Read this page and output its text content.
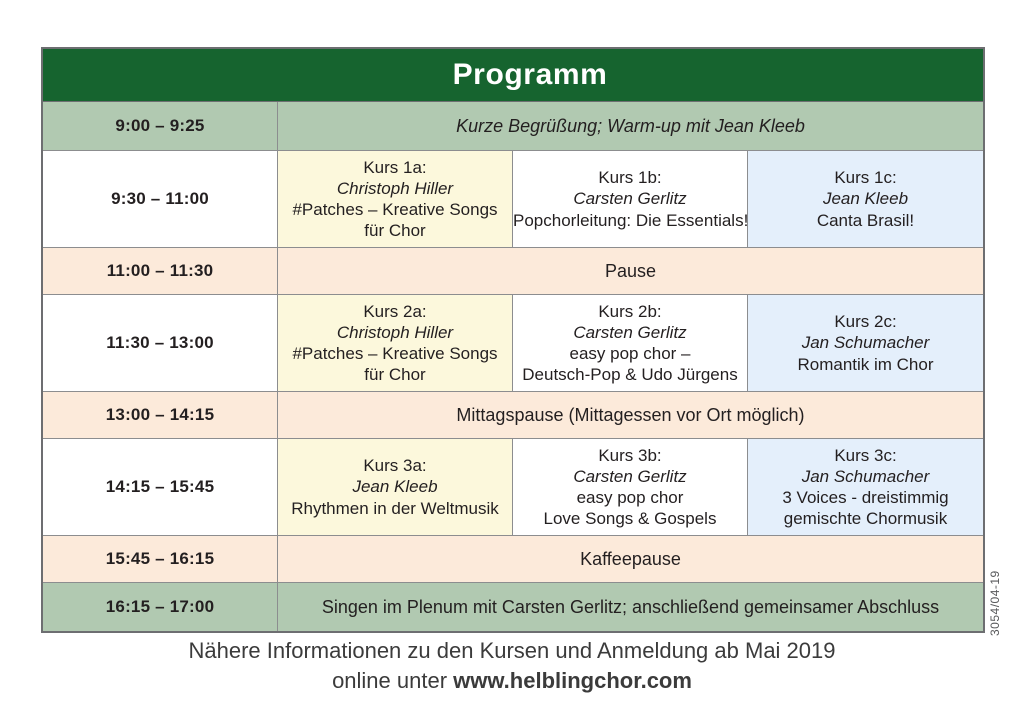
Programm			

9:00 – 9:25	Kurze Begrüßung; Warm-up mit Jean Kleeb		
9:30 – 11:00	Kurs 1a:
Christoph Hiller
#Patches – Kreative Songs
für Chor	Kurs 1b:
Carsten Gerlitz
Popchorleitung: Die Essentials!	Kurs 1c:
Jean Kleeb
Canta Brasil!

11:00 – 11:30	Pause		
11:30 – 13:00	Kurs 2a:
Christoph Hiller
#Patches – Kreative Songs
für Chor	Kurs 2b:
Carsten Gerlitz
easy pop chor –
Deutsch-Pop & Udo Jürgens	Kurs 2c:
Jan Schumacher
Romantik im Chor

13:00 – 14:15	Mittagspause (Mittagessen vor Ort möglich)		
14:15 – 15:45	Kurs 3a:
Jean Kleeb
Rhythmen in der Weltmusik	Kurs 3b:
Carsten Gerlitz
easy pop chor
Love Songs & Gospels	Kurs 3c:
Jan Schumacher
3 Voices - dreistimmig
gemischte Chormusik

15:45 – 16:15	Kaffeepause		
16:15 – 17:00	Singen im Plenum mit Carsten Gerlitz; anschließend gemeinsamer Abschluss		
Nähere Informationen zu den Kursen und Anmeldung ab Mai 2019
online unter www.helblingchor.com
3054/04-19
